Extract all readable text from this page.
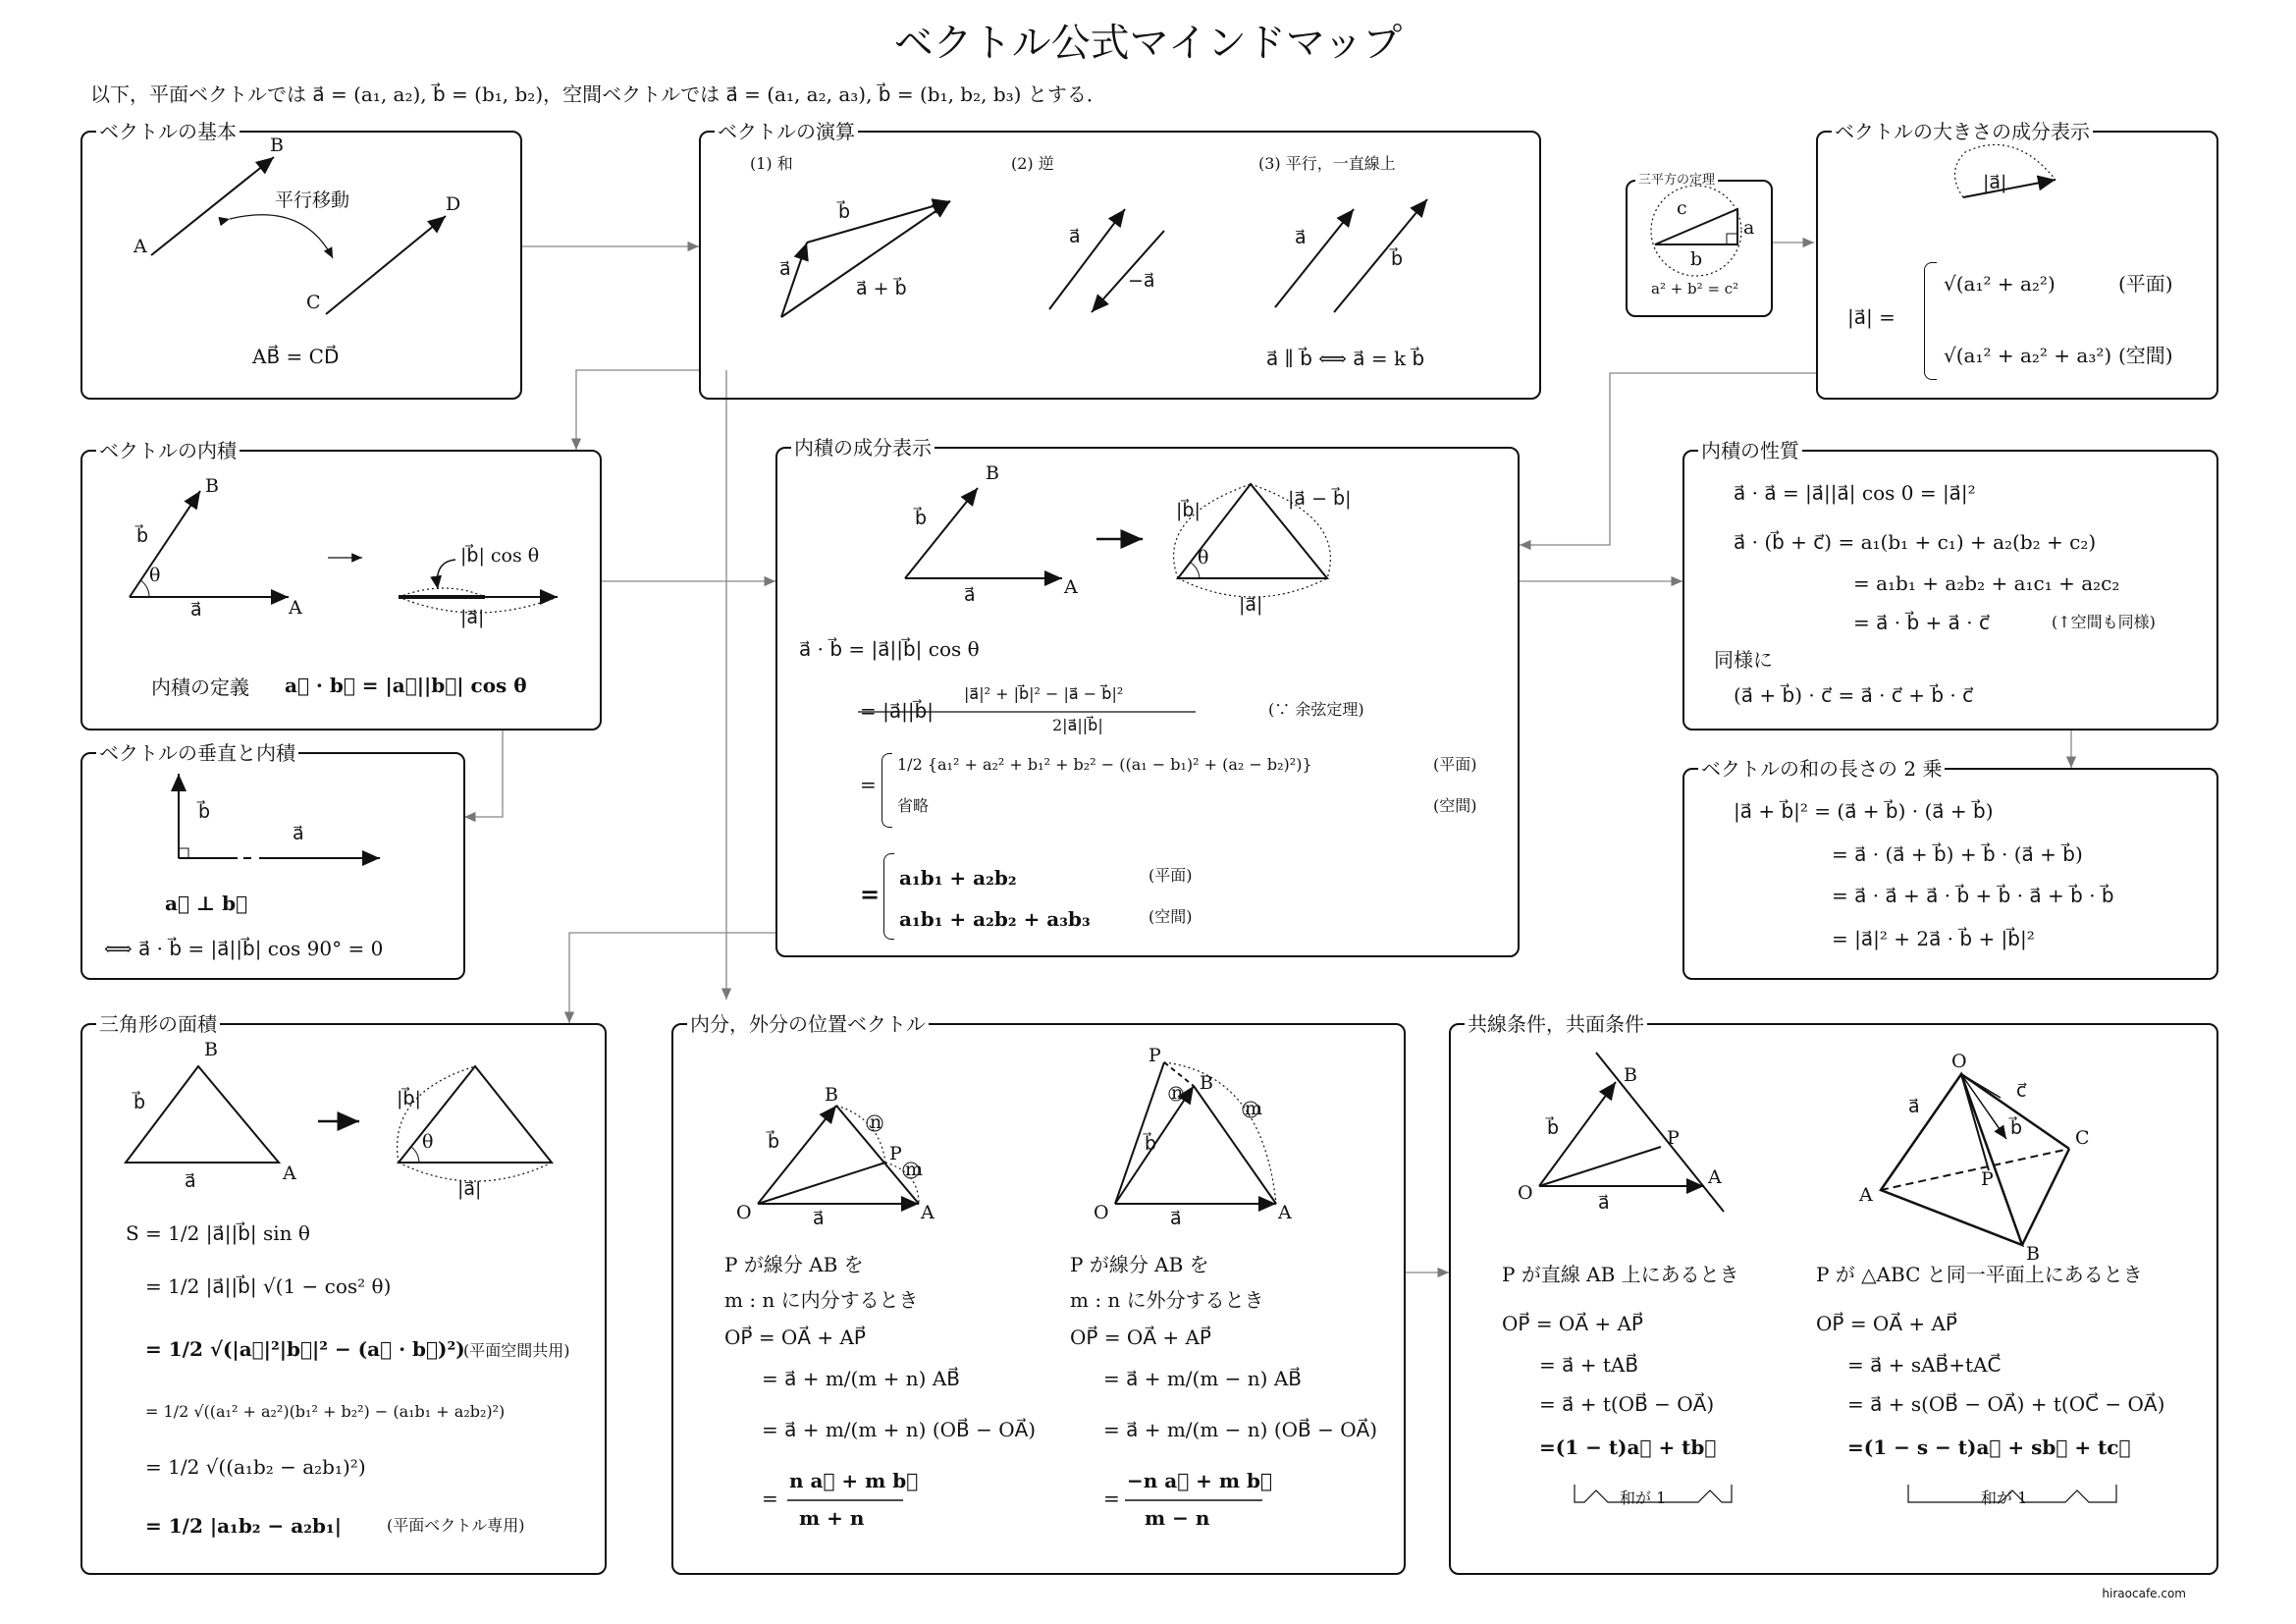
ベクトル公式マインドマップ
以下，平面ベクトルでは a⃗ = (a₁, a₂), b⃗ = (b₁, b₂)，空間ベクトルでは a⃗ = (a₁, a₂, a₃), b⃗ = (b₁, b₂, b₃) とする．
ベクトルの基本
A
B
C
D
平行移動
AB⃗ = CD⃗
ベクトルの演算
(1) 和	(2) 逆	(3) 平行，一直線上
a⃗
b⃗
a⃗ + b⃗
a⃗
−a⃗
a⃗
b⃗
a⃗ ∥ b⃗ ⟺ a⃗ = k b⃗
三平方の定理
a
b
c
a² + b² = c²
ベクトルの大きさの成分表示
|a⃗|
|a⃗| =
√(a₁² + a₂²)	(平面)
√(a₁² + a₂² + a₃²) (空間)
ベクトルの内積
B
A
b⃗
a⃗
θ
|b⃗| cos θ
|a⃗|
内積の定義 a⃗ · b⃗ = |a⃗||b⃗| cos θ
ベクトルの垂直と内積
b⃗
a⃗
a⃗ ⊥ b⃗
⟺ a⃗ · b⃗ = |a⃗||b⃗| cos 90° = 0
内積の成分表示
B
A
b⃗
a⃗
θ
|b⃗|
|a⃗ − b⃗|
|a⃗|
a⃗ · b⃗ = |a⃗||b⃗| cos θ
= |a⃗||b⃗|
|a⃗|² + |b⃗|² − |a⃗ − b⃗|²
2|a⃗||b⃗|
(∵ 余弦定理)
=
1/2 {a₁² + a₂² + b₁² + b₂² − ((a₁ − b₁)² + (a₂ − b₂)²)}	(平面)
省略	(空間)
=
a₁b₁ + a₂b₂	(平面)
a₁b₁ + a₂b₂ + a₃b₃	(空間)
内積の性質
a⃗ · a⃗ = |a⃗||a⃗| cos 0 = |a⃗|²
a⃗ · (b⃗ + c⃗) = a₁(b₁ + c₁) + a₂(b₂ + c₂)
= a₁b₁ + a₂b₂ + a₁c₁ + a₂c₂
= a⃗ · b⃗ + a⃗ · c⃗	(↑空間も同様)
同様に
(a⃗ + b⃗) · c⃗ = a⃗ · c⃗ + b⃗ · c⃗
ベクトルの和の長さの 2 乗
|a⃗ + b⃗|² = (a⃗ + b⃗) · (a⃗ + b⃗)
= a⃗ · (a⃗ + b⃗) + b⃗ · (a⃗ + b⃗)
= a⃗ · a⃗ + a⃗ · b⃗ + b⃗ · a⃗ + b⃗ · b⃗
= |a⃗|² + 2a⃗ · b⃗ + |b⃗|²
三角形の面積
B
A
b⃗
a⃗
θ
|b⃗|
|a⃗|
S = 1/2 |a⃗||b⃗| sin θ
= 1/2 |a⃗||b⃗| √(1 − cos² θ)
= 1/2 √(|a⃗|²|b⃗|² − (a⃗ · b⃗)²)
(平面空間共用)
= 1/2 √((a₁² + a₂²)(b₁² + b₂²) − (a₁b₁ + a₂b₂)²)
= 1/2 √((a₁b₂ − a₂b₁)²)
= 1/2 |a₁b₂ − a₂b₁|	(平面ベクトル専用)
内分，外分の位置ベクトル
O	A
B
P
n
m
b⃗
a⃗	O	A
B
P
n
m
b⃗
a⃗
P が線分 AB を
m : n に内分するとき
OP⃗ = OA⃗ + AP⃗
= a⃗ + m/(m + n) AB⃗
= a⃗ + m/(m + n) (OB⃗ − OA⃗)
=
n a⃗ + m b⃗
m + n
P が線分 AB を
m : n に外分するとき
OP⃗ = OA⃗ + AP⃗
= a⃗ + m/(m − n) AB⃗
= a⃗ + m/(m − n) (OB⃗ − OA⃗)
=
−n a⃗ + m b⃗
m − n
共線条件，共面条件
O
A
B
P
b⃗
a⃗
O
A
B
C
P
a⃗
b⃗
c⃗
P が直線 AB 上にあるとき
OP⃗ = OA⃗ + AP⃗
= a⃗ + tAB⃗
= a⃗ + t(OB⃗ − OA⃗)
=(1 − t)a⃗ + tb⃗
和が 1
P が △ABC と同一平面上にあるとき
OP⃗ = OA⃗ + AP⃗
= a⃗ + sAB⃗+tAC⃗
= a⃗ + s(OB⃗ − OA⃗) + t(OC⃗ − OA⃗)
=(1 − s − t)a⃗ + sb⃗ + tc⃗
和が 1
hiraocafe.com
